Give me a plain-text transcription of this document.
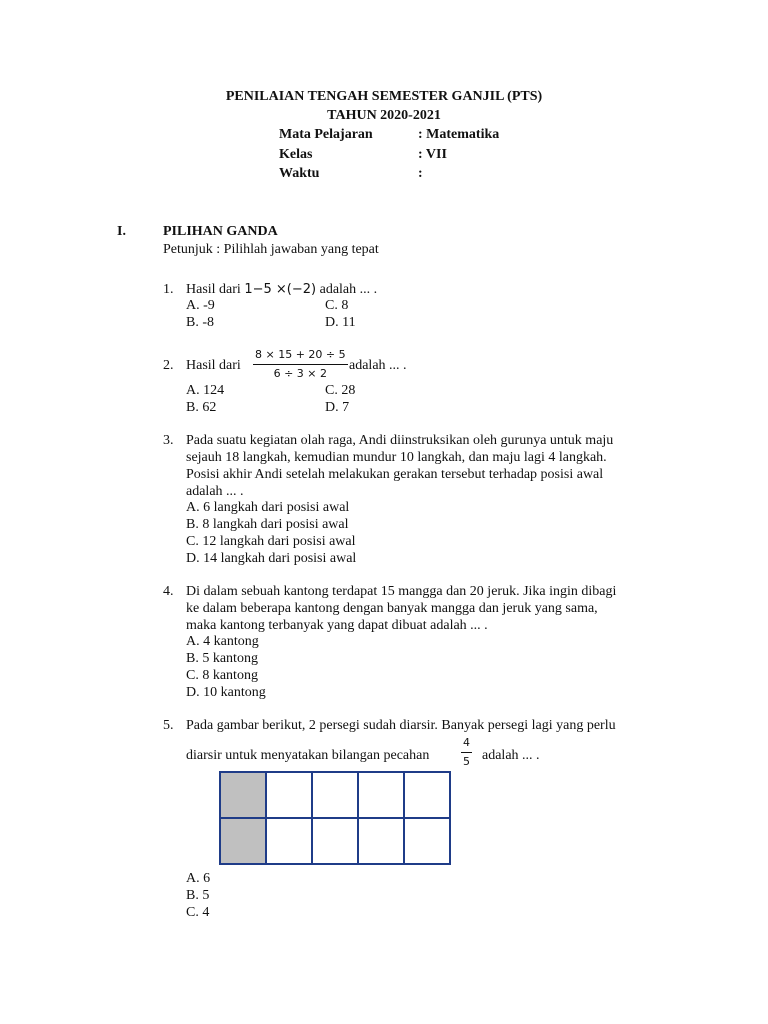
PENILAIAN TENGAH SEMESTER GANJIL (PTS)
TAHUN 2020-2021
Mata Pelajaran	: Matematika
Kelas	: VII
Waktu	:
I.	PILIHAN GANDA
Petunjuk : Pilihlah jawaban yang tepat
1. Hasil dari 1−5 ×(−2) adalah ... .
A. -9
B. -8
C. 8
D. 11
2. Hasil dari $\frac{8 \times 15 + 20 \div 5}{6 \div 3 \times 2}$ adalah ... .
A. 124
B. 62
C. 28
D. 7
3. Pada suatu kegiatan olah raga, Andi diinstruksikan oleh gurunya untuk maju
sejauh 18 langkah, kemudian mundur 10 langkah, dan maju lagi 4 langkah.
Posisi akhir Andi setelah melakukan gerakan tersebut terhadap posisi awal
adalah ... .
A. 6 langkah dari posisi awal
B. 8 langkah dari posisi awal
C. 12 langkah dari posisi awal
D. 14 langkah dari posisi awal
4. Di dalam sebuah kantong terdapat 15 mangga dan 20 jeruk. Jika ingin dibagi
ke dalam beberapa kantong dengan banyak mangga dan jeruk yang sama,
maka kantong terbanyak yang dapat dibuat adalah ... .
A. 4 kantong
B. 5 kantong
C. 8 kantong
D. 10 kantong
5. Pada gambar berikut, 2 persegi sudah diarsir. Banyak persegi lagi yang perlu
diarsir untuk menyatakan bilangan pecahan	$\frac{4}{5}$ adalah ... .

A. 6
B. 5
C. 4
